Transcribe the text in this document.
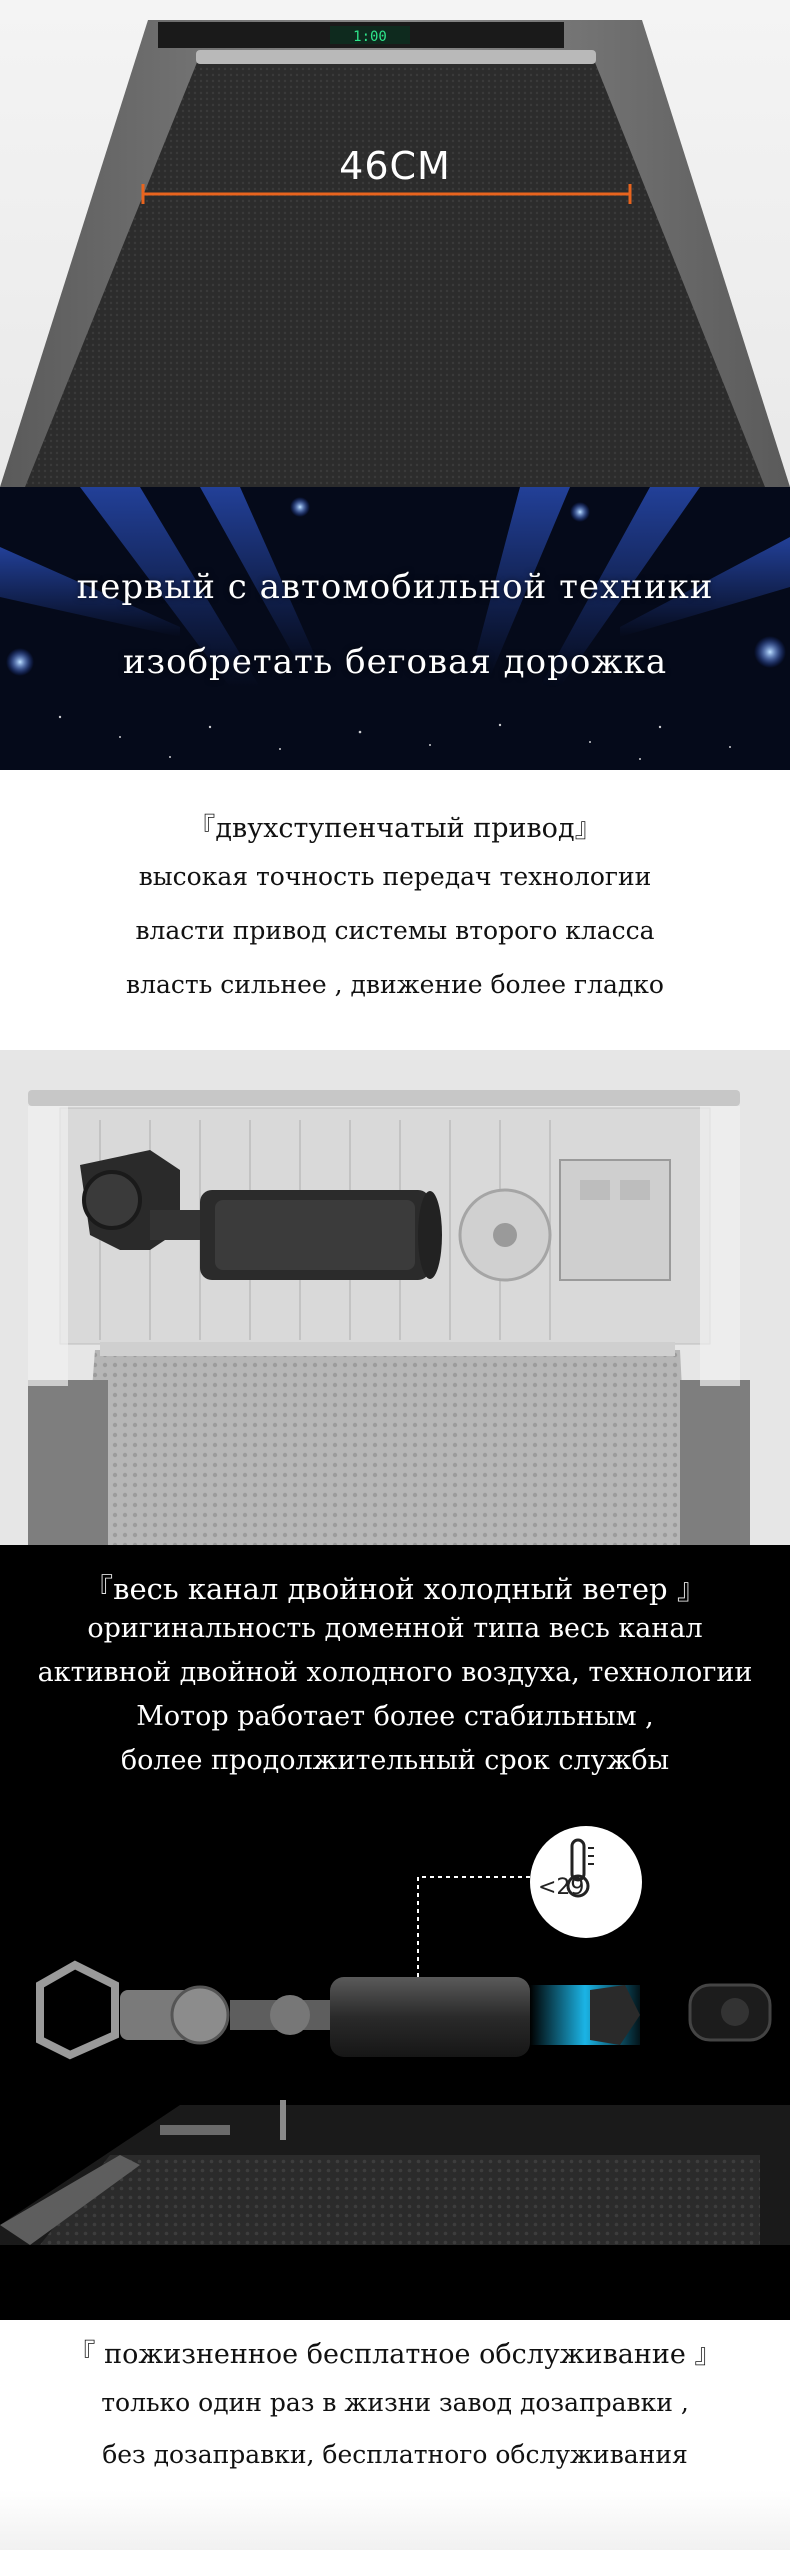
1:00
46CM
первый с автомобильной техники
изобретать беговая дорожка
『двухступенчатый привод』
высокая точность передач технологии
власти привод системы второго класса
власть сильнее , движение более гладко
『весь канал двойной холодный ветер 』
оригинальность доменной типа весь канал
активной двойной холодного воздуха, технологии
Мотор работает более стабильным ,
более продолжительный срок службы
<29
『 пожизненное бесплатное обслуживание 』
только один раз в жизни завод дозаправки ,
без дозаправки, бесплатного обслуживания
